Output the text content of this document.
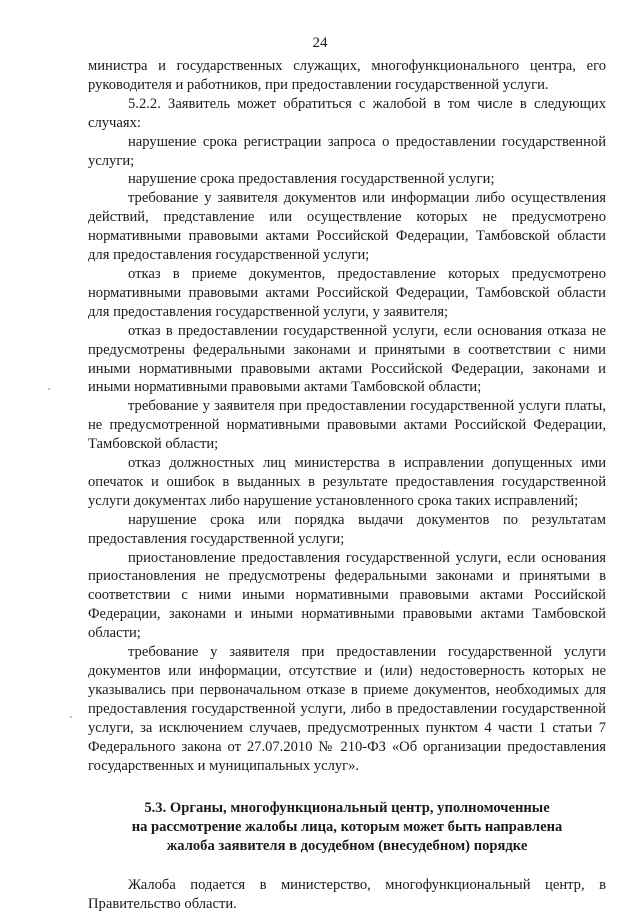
24

министра и государственных служащих, многофункционального центра, его руководителя и работников, при предоставлении государственной услуги.

5.2.2. Заявитель может обратиться с жалобой в том числе в следующих случаях:

нарушение срока регистрации запроса о предоставлении государственной услуги;

нарушение срока предоставления государственной услуги;

требование у заявителя документов или информации либо осуществления действий, представление или осуществление которых не предусмотрено нормативными правовыми актами Российской Федерации, Тамбовской области для предоставления государственной услуги;

отказ в приеме документов, предоставление которых предусмотрено нормативными правовыми актами Российской Федерации, Тамбовской области для предоставления государственной услуги, у заявителя;

отказ в предоставлении государственной услуги, если основания отказа не предусмотрены федеральными законами и принятыми в соответствии с ними иными нормативными правовыми актами Российской Федерации, законами и иными нормативными правовыми актами Тамбовской области;

требование у заявителя при предоставлении государственной услуги платы, не предусмотренной нормативными правовыми актами Российской Федерации, Тамбовской области;

отказ должностных лиц министерства в исправлении допущенных ими опечаток и ошибок в выданных в результате предоставления государственной услуги документах либо нарушение установленного срока таких исправлений;

нарушение срока или порядка выдачи документов по результатам предоставления государственной услуги;

приостановление предоставления государственной услуги, если основания приостановления не предусмотрены федеральными законами и принятыми в соответствии с ними иными нормативными правовыми актами Российской Федерации, законами и иными нормативными правовыми актами Тамбовской области;

требование у заявителя при предоставлении государственной услуги документов или информации, отсутствие и (или) недостоверность которых не указывались при первоначальном отказе в приеме документов, необходимых для предоставления государственной услуги, либо в предоставлении государственной услуги, за исключением случаев, предусмотренных пунктом 4 части 1 статьи 7 Федерального закона от 27.07.2010 № 210-ФЗ «Об организации предоставления государственных и муниципальных услуг».

5.3. Органы, многофункциональный центр, уполномоченные
на рассмотрение жалобы лица, которым может быть направлена
жалоба заявителя в досудебном (внесудебном) порядке

Жалоба подается в министерство, многофункциональный центр, в Правительство области.
